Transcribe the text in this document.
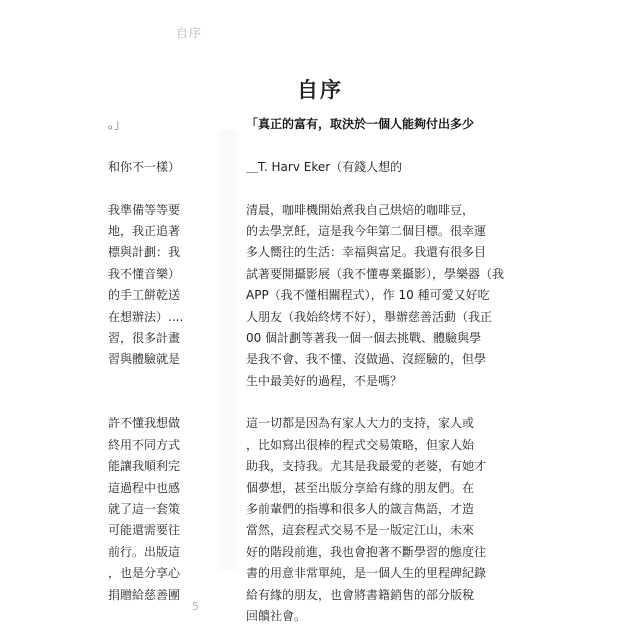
自序
自序
。」
和你不一樣）
我準備等等要
地，我正追著
標與計劃：我
我不懂音樂）
的手工餅乾送
在想辦法）....
習，很多計畫
習與體驗就是
許不懂我想做
終用不同方式
能讓我順利完
這過程中也感
就了這一套策
可能還需要往
前行。出版這
，也是分享心
捐贈給慈善團
「真正的富有，取決於一個人能夠付出多少
＿T. Harv Eker（有錢人想的
清晨，咖啡機開始煮我自己烘焙的咖啡豆，
的去學烹飪，這是我今年第二個目標。很幸運
多人嚮往的生活：幸福與富足。我還有很多目
試著要開攝影展（我不懂專業攝影），學樂器（我
APP（我不懂相關程式），作 10 種可愛又好吃
人朋友（我始終烤不好），舉辦慈善活動（我正
00 個計劃等著我一個一個去挑戰、體驗與學
是我不會、我不懂、沒做過、沒經驗的，但學
生中最美好的過程，不是嗎？
這一切都是因為有家人大力的支持，家人或
，比如寫出很棒的程式交易策略，但家人始
助我，支持我。尤其是我最愛的老婆，有她才
個夢想，甚至出版分享給有緣的朋友們。在
多前輩們的指導和很多人的箴言雋語，才造
當然，這套程式交易不是一版定江山，未來
好的階段前進，我也會抱著不斷學習的態度往
書的用意非常單純，是一個人生的里程碑紀錄
給有緣的朋友，也會將書籍銷售的部分版稅
回饋社會。
5
